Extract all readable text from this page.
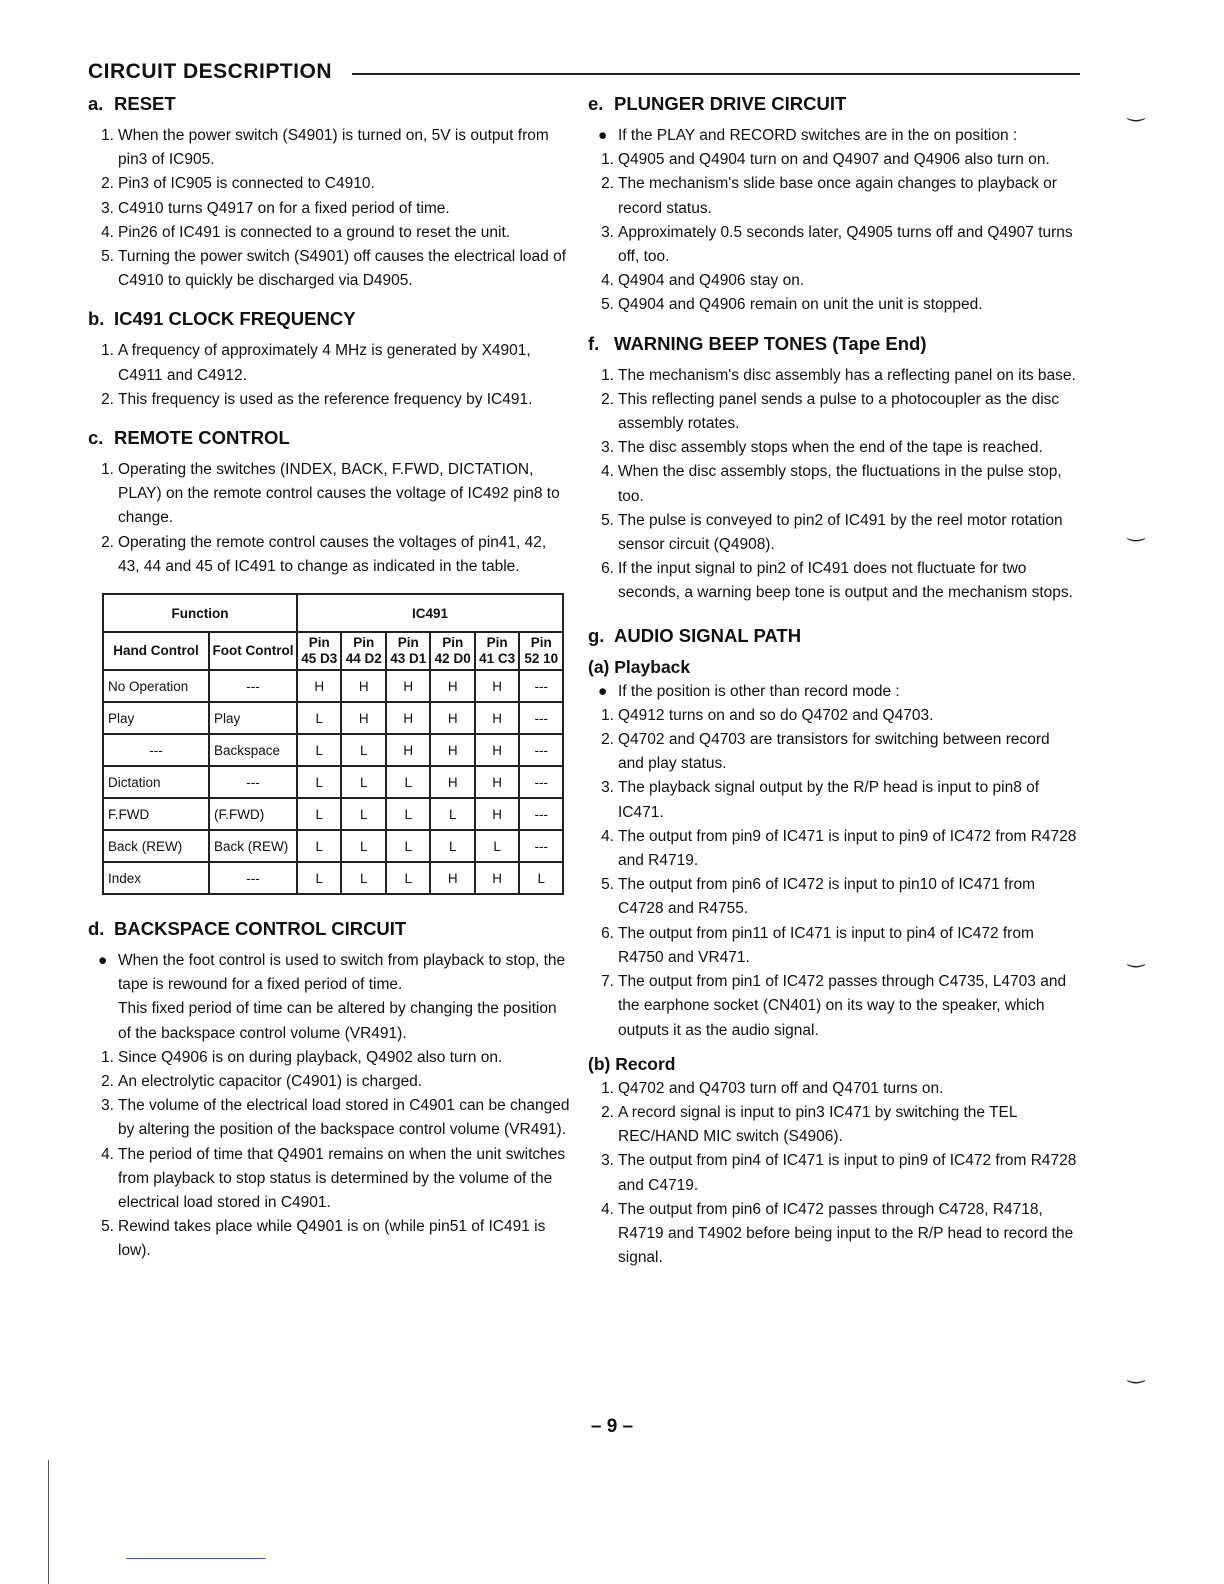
CIRCUIT DESCRIPTION
a. RESET
1. When the power switch (S4901) is turned on, 5V is output from pin3 of IC905.
2. Pin3 of IC905 is connected to C4910.
3. C4910 turns Q4917 on for a fixed period of time.
4. Pin26 of IC491 is connected to a ground to reset the unit.
5. Turning the power switch (S4901) off causes the electrical load of C4910 to quickly be discharged via D4905.
b. IC491 CLOCK FREQUENCY
1. A frequency of approximately 4 MHz is generated by X4901, C4911 and C4912.
2. This frequency is used as the reference frequency by IC491.
c. REMOTE CONTROL
1. Operating the switches (INDEX, BACK, F.FWD, DICTATION, PLAY) on the remote control causes the voltage of IC492 pin8 to change.
2. Operating the remote control causes the voltages of pin41, 42, 43, 44 and 45 of IC491 to change as indicated in the table.
Function		IC491					
Hand Control	Foot Control	Pin 45 D3	Pin 44 D2	Pin 43 D1	Pin 42 D0	Pin 41 C3	Pin 52 10
No Operation	---	H	H	H	H	H	---
Play	Play	L	H	H	H	H	---
---	Backspace	L	L	H	H	H	---
Dictation	---	L	L	L	H	H	---
F.FWD	(F.FWD)	L	L	L	L	H	---
Back (REW)	Back (REW)	L	L	L	L	L	---
Index	---	L	L	L	H	H	L
d. BACKSPACE CONTROL CIRCUIT
● When the foot control is used to switch from playback to stop, the tape is rewound for a fixed period of time.
This fixed period of time can be altered by changing the position of the backspace control volume (VR491).
1. Since Q4906 is on during playback, Q4902 also turn on.
2. An electrolytic capacitor (C4901) is charged.
3. The volume of the electrical load stored in C4901 can be changed by altering the position of the backspace control volume (VR491).
4. The period of time that Q4901 remains on when the unit switches from playback to stop status is determined by the volume of the electrical load stored in C4901.
5. Rewind takes place while Q4901 is on (while pin51 of IC491 is low).
e. PLUNGER DRIVE CIRCUIT
● If the PLAY and RECORD switches are in the on position :
1. Q4905 and Q4904 turn on and Q4907 and Q4906 also turn on.
2. The mechanism's slide base once again changes to playback or record status.
3. Approximately 0.5 seconds later, Q4905 turns off and Q4907 turns off, too.
4. Q4904 and Q4906 stay on.
5. Q4904 and Q4906 remain on unit the unit is stopped.
f. WARNING BEEP TONES (Tape End)
1. The mechanism's disc assembly has a reflecting panel on its base.
2. This reflecting panel sends a pulse to a photocoupler as the disc assembly rotates.
3. The disc assembly stops when the end of the tape is reached.
4. When the disc assembly stops, the fluctuations in the pulse stop, too.
5. The pulse is conveyed to pin2 of IC491 by the reel motor rotation sensor circuit (Q4908).
6. If the input signal to pin2 of IC491 does not fluctuate for two seconds, a warning beep tone is output and the mechanism stops.
g. AUDIO SIGNAL PATH
(a) Playback
● If the position is other than record mode :
1. Q4912 turns on and so do Q4702 and Q4703.
2. Q4702 and Q4703 are transistors for switching between record and play status.
3. The playback signal output by the R/P head is input to pin8 of IC471.
4. The output from pin9 of IC471 is input to pin9 of IC472 from R4728 and R4719.
5. The output from pin6 of IC472 is input to pin10 of IC471 from C4728 and R4755.
6. The output from pin11 of IC471 is input to pin4 of IC472 from R4750 and VR471.
7. The output from pin1 of IC472 passes through C4735, L4703 and the earphone socket (CN401) on its way to the speaker, which outputs it as the audio signal.
(b) Record
1. Q4702 and Q4703 turn off and Q4701 turns on.
2. A record signal is input to pin3 IC471 by switching the TEL REC/HAND MIC switch (S4906).
3. The output from pin4 of IC471 is input to pin9 of IC472 from R4728 and C4719.
4. The output from pin6 of IC472 passes through C4728, R4718, R4719 and T4902 before being input to the R/P head to record the signal.
– 9 –
‿
‿
‿
‿
